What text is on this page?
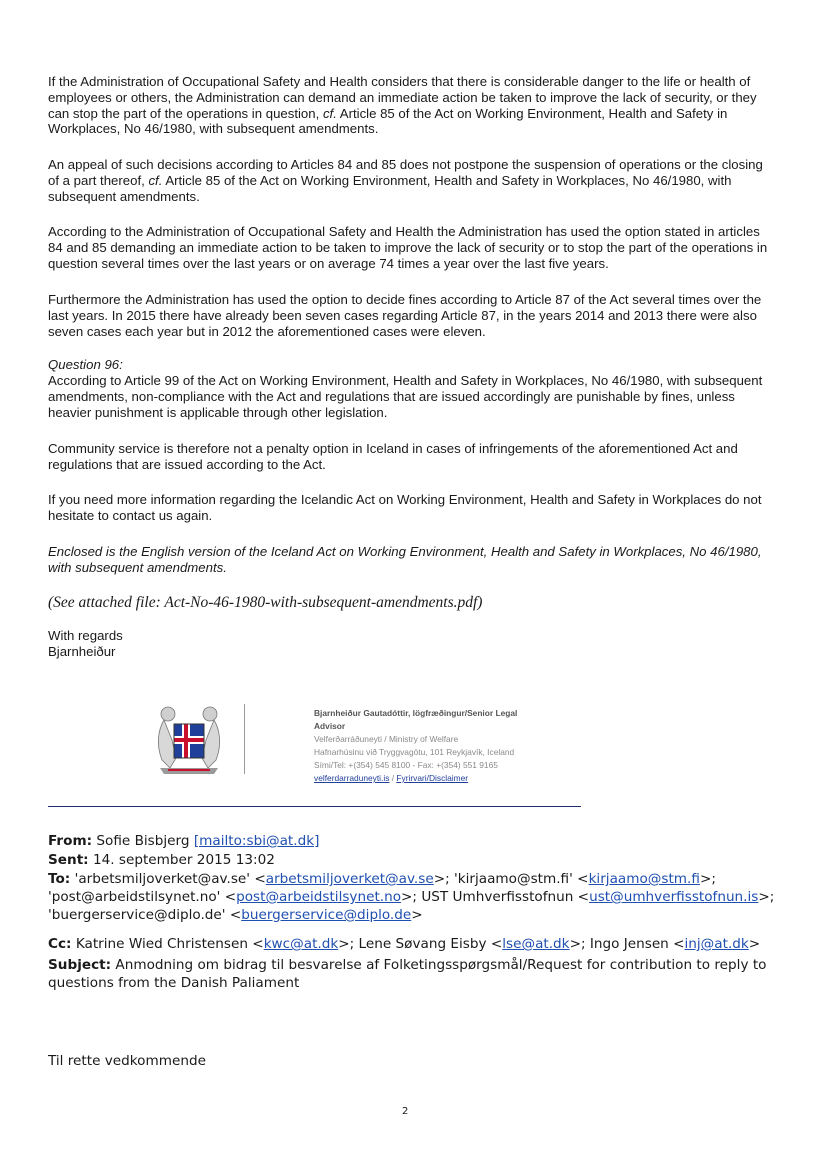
If the Administration of Occupational Safety and Health considers that there is considerable danger to the life or health of employees or others, the Administration can demand an immediate action be taken to improve the lack of security, or they can stop the part of the operations in question, cf. Article 85 of the Act on Working Environment, Health and Safety in Workplaces, No 46/1980, with subsequent amendments.

An appeal of such decisions according to Articles 84 and 85 does not postpone the suspension of operations or the closing of a part thereof, cf. Article 85 of the Act on Working Environment, Health and Safety in Workplaces, No 46/1980, with subsequent amendments.

According to the Administration of Occupational Safety and Health the Administration has used the option stated in articles 84 and 85 demanding an immediate action to be taken to improve the lack of security or to stop the part of the operations in question several times over the last years or on average 74 times a year over the last five years.

Furthermore the Administration has used the option to decide fines according to Article 87 of the Act several times over the last years. In 2015 there have already been seven cases regarding Article 87, in the years 2014 and 2013 there were also seven cases each year but in 2012 the aforementioned cases were eleven.

Question 96:

According to Article 99 of the Act on Working Environment, Health and Safety in Workplaces, No 46/1980, with subsequent amendments, non-compliance with the Act and regulations that are issued accordingly are punishable by fines, unless heavier punishment is applicable through other legislation.

Community service is therefore not a penalty option in Iceland in cases of infringements of the aforementioned Act and regulations that are issued according to the Act.

If you need more information regarding the Icelandic Act on Working Environment, Health and Safety in Workplaces do not hesitate to contact us again.

Enclosed is the English version of the Iceland Act on Working Environment, Health and Safety in Workplaces, No 46/1980, with subsequent amendments.

(See attached file: Act-No-46-1980-with-subsequent-amendments.pdf)

With regards

Bjarnheiður

Bjarnheiður Gautadóttir, lögfræðingur/Senior Legal
Advisor
Velferðarráðuneyti / Ministry of Welfare
Hafnarhúsinu við Tryggvagötu, 101 Reykjavík, Iceland
Sími/Tel: +(354) 545 8100 - Fax: +(354) 551 9165
velferdarraduneyti.is / Fyrirvari/Disclaimer

From: Sofie Bisbjerg [mailto:sbi@at.dk]

Sent: 14. september 2015 13:02

To: 'arbetsmiljoverket@av.se' <arbetsmiljoverket@av.se>; 'kirjaamo@stm.fi' <kirjaamo@stm.fi>;
'post@arbeidstilsynet.no' <post@arbeidstilsynet.no>; UST Umhverfisstofnun <ust@umhverfisstofnun.is>;
'buergerservice@diplo.de' <buergerservice@diplo.de>

Cc: Katrine Wied Christensen <kwc@at.dk>; Lene Søvang Eisby <lse@at.dk>; Ingo Jensen <inj@at.dk>

Subject: Anmodning om bidrag til besvarelse af Folketingsspørgsmål/Request for contribution to reply to questions from the Danish Paliament

Til rette vedkommende

2
